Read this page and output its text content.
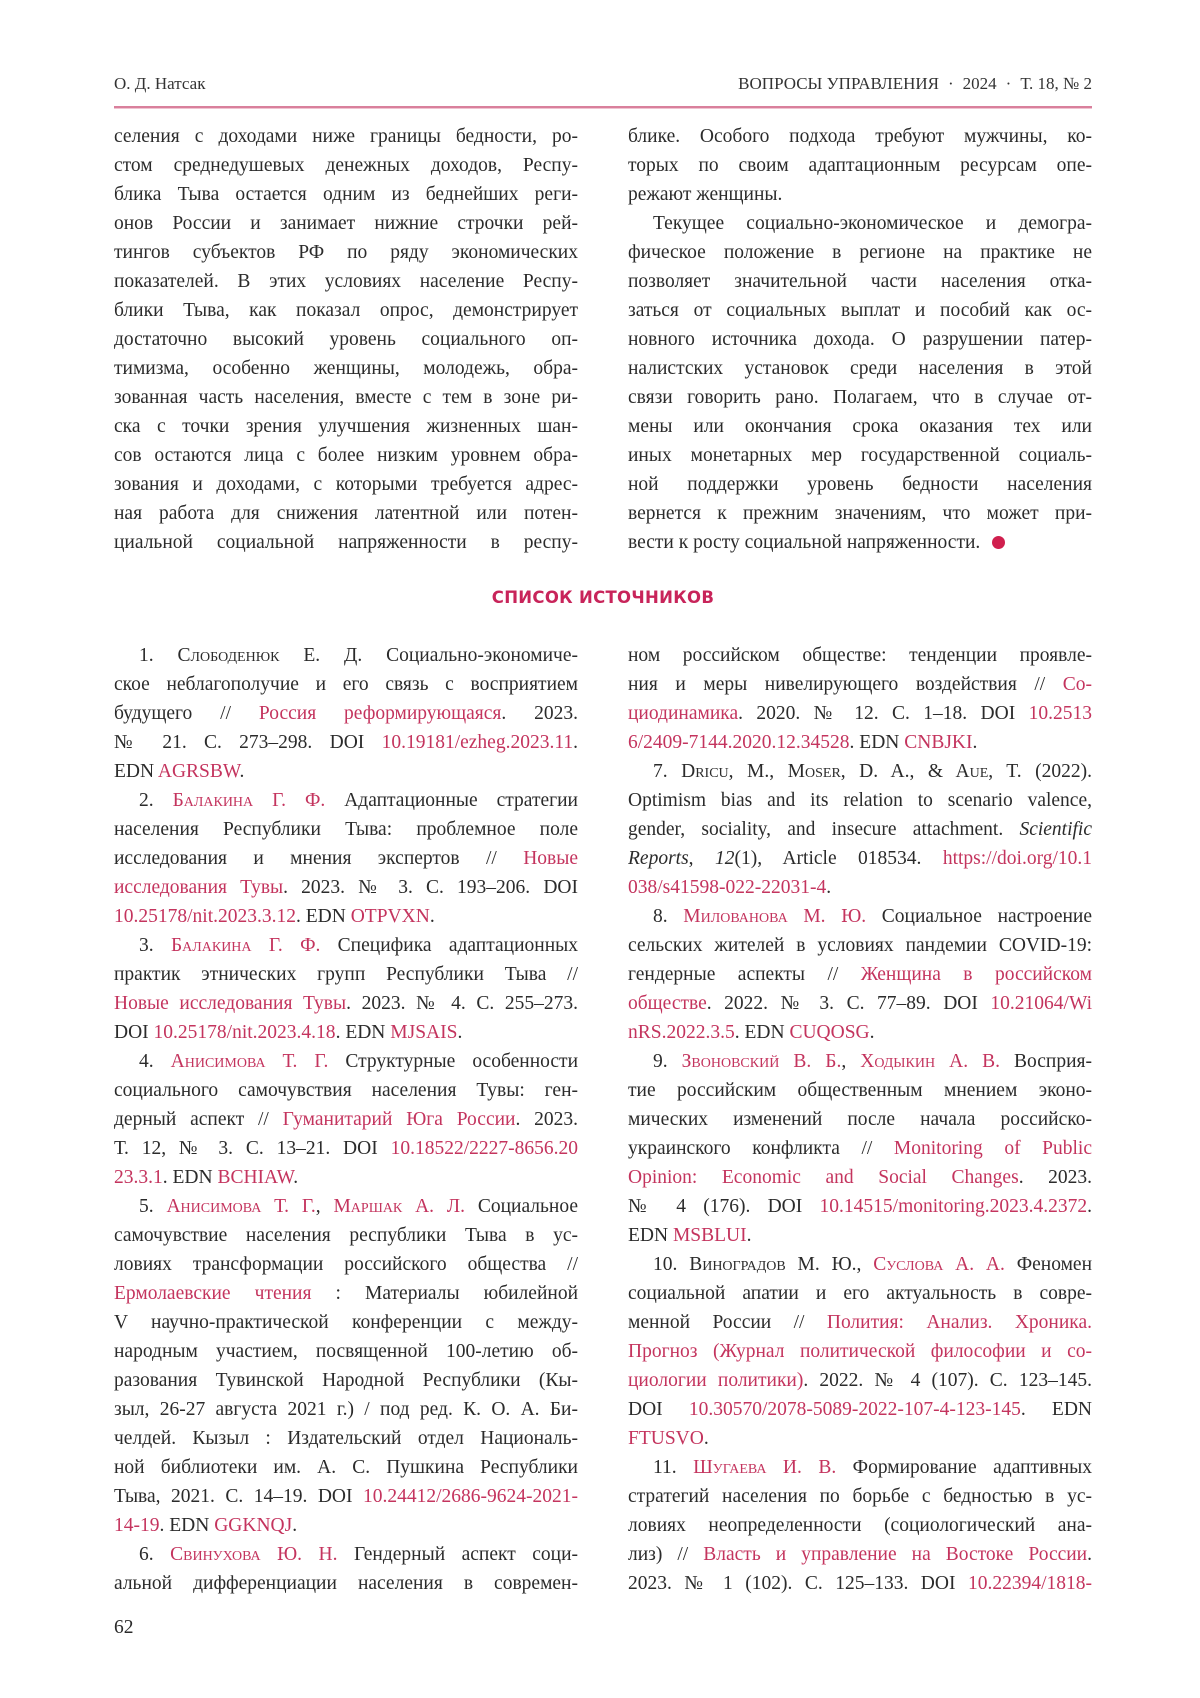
О. Д. Натсак	ВОПРОСЫ УПРАВЛЕНИЯ · 2024 · Т. 18, № 2
селения с доходами ниже границы бедности, ро-
стом среднедушевых денежных доходов, Респу-
блика Тыва остается одним из беднейших реги-
онов России и занимает нижние строчки рей-
тингов субъектов РФ по ряду экономических
показателей. В этих условиях население Респу-
блики Тыва, как показал опрос, демонстрирует
достаточно высокий уровень социального оп-
тимизма, особенно женщины, молодежь, обра-
зованная часть населения, вместе с тем в зоне ри-
ска с точки зрения улучшения жизненных шан-
сов остаются лица с более низким уровнем обра-
зования и доходами, с которыми требуется адрес-
ная работа для снижения латентной или потен-
циальной социальной напряженности в респу-
блике. Особого подхода требуют мужчины, ко-
торых по своим адаптационным ресурсам опе-
режают женщины.
Текущее социально-экономическое и демогра-
фическое положение в регионе на практике не
позволяет значительной части населения отка-
заться от социальных выплат и пособий как ос-
новного источника дохода. О разрушении патер-
налистских установок среди населения в этой
связи говорить рано. Полагаем, что в случае от-
мены или окончания срока оказания тех или
иных монетарных мер государственной социаль-
ной поддержки уровень бедности населения
вернется к прежним значениям, что может при-
вести к росту социальной напряженности.
СПИСОК ИСТОЧНИКОВ
1. Слободенюк Е. Д. Социально-экономиче-
ское неблагополучие и его связь с восприятием
будущего // Россия реформирующаяся. 2023.
№ 21. С. 273–298. DOI 10.19181/ezheg.2023.11.
EDN AGRSBW.
2. Балакина Г. Ф. Адаптационные стратегии
населения Республики Тыва: проблемное поле
исследования и мнения экспертов // Новые
исследования Тувы. 2023. № 3. С. 193–206. DOI
10.25178/nit.2023.3.12. EDN OTPVXN.
3. Балакина Г. Ф. Специфика адаптационных
практик этнических групп Республики Тыва //
Новые исследования Тувы. 2023. № 4. С. 255–273.
DOI 10.25178/nit.2023.4.18. EDN MJSAIS.
4. Анисимова Т. Г. Структурные особенности
социального самочувствия населения Тувы: ген-
дерный аспект // Гуманитарий Юга России. 2023.
Т. 12, № 3. С. 13–21. DOI 10.18522/2227-8656.20
23.3.1. EDN BCHIAW.
5. Анисимова Т. Г., Маршак А. Л. Социальное
самочувствие населения республики Тыва в ус-
ловиях трансформации российского общества //
Ермолаевские чтения : Материалы юбилейной
V научно-практической конференции с между-
народным участием, посвященной 100-летию об-
разования Тувинской Народной Республики (Кы-
зыл, 26-27 августа 2021 г.) / под ред. К. О. А. Би-
челдей. Кызыл : Издательский отдел Националь-
ной библиотеки им. А. С. Пушкина Республики
Тыва, 2021. С. 14–19. DOI 10.24412/2686-9624-2021-
14-19. EDN GGKNQJ.
6. Свинухова Ю. Н. Гендерный аспект соци-
альной дифференциации населения в современ-
ном российском обществе: тенденции проявле-
ния и меры нивелирующего воздействия // Со-
циодинамика. 2020. № 12. С. 1–18. DOI 10.2513
6/2409-7144.2020.12.34528. EDN CNBJKI.
7. Dricu, M., Moser, D. A., & Aue, T. (2022).
Optimism bias and its relation to scenario valence,
gender, sociality, and insecure attachment. Scientific
Reports, 12(1), Article 018534. https://doi.org/10.1
038/s41598-022-22031-4.
8. Милованова М. Ю. Социальное настроение
сельских жителей в условиях пандемии COVID-19:
гендерные аспекты // Женщина в российском
обществе. 2022. № 3. С. 77–89. DOI 10.21064/Wi
nRS.2022.3.5. EDN CUQOSG.
9. Звоновский В. Б., Ходыкин А. В. Восприя-
тие российским общественным мнением эконо-
мических изменений после начала российско-
украинского конфликта // Monitoring of Public
Opinion: Economic and Social Changes. 2023.
№ 4 (176). DOI 10.14515/monitoring.2023.4.2372.
EDN MSBLUI.
10. Виноградов М. Ю., Суслова А. А. Феномен
социальной апатии и его актуальность в совре-
менной России // Полития: Анализ. Хроника.
Прогноз (Журнал политической философии и со-
циологии политики). 2022. № 4 (107). С. 123–145.
DOI 10.30570/2078-5089-2022-107-4-123-145. EDN
FTUSVO.
11. Шугаева И. В. Формирование адаптивных
стратегий населения по борьбе с бедностью в ус-
ловиях неопределенности (социологический ана-
лиз) // Власть и управление на Востоке России.
2023. № 1 (102). С. 125–133. DOI 10.22394/1818-
62
